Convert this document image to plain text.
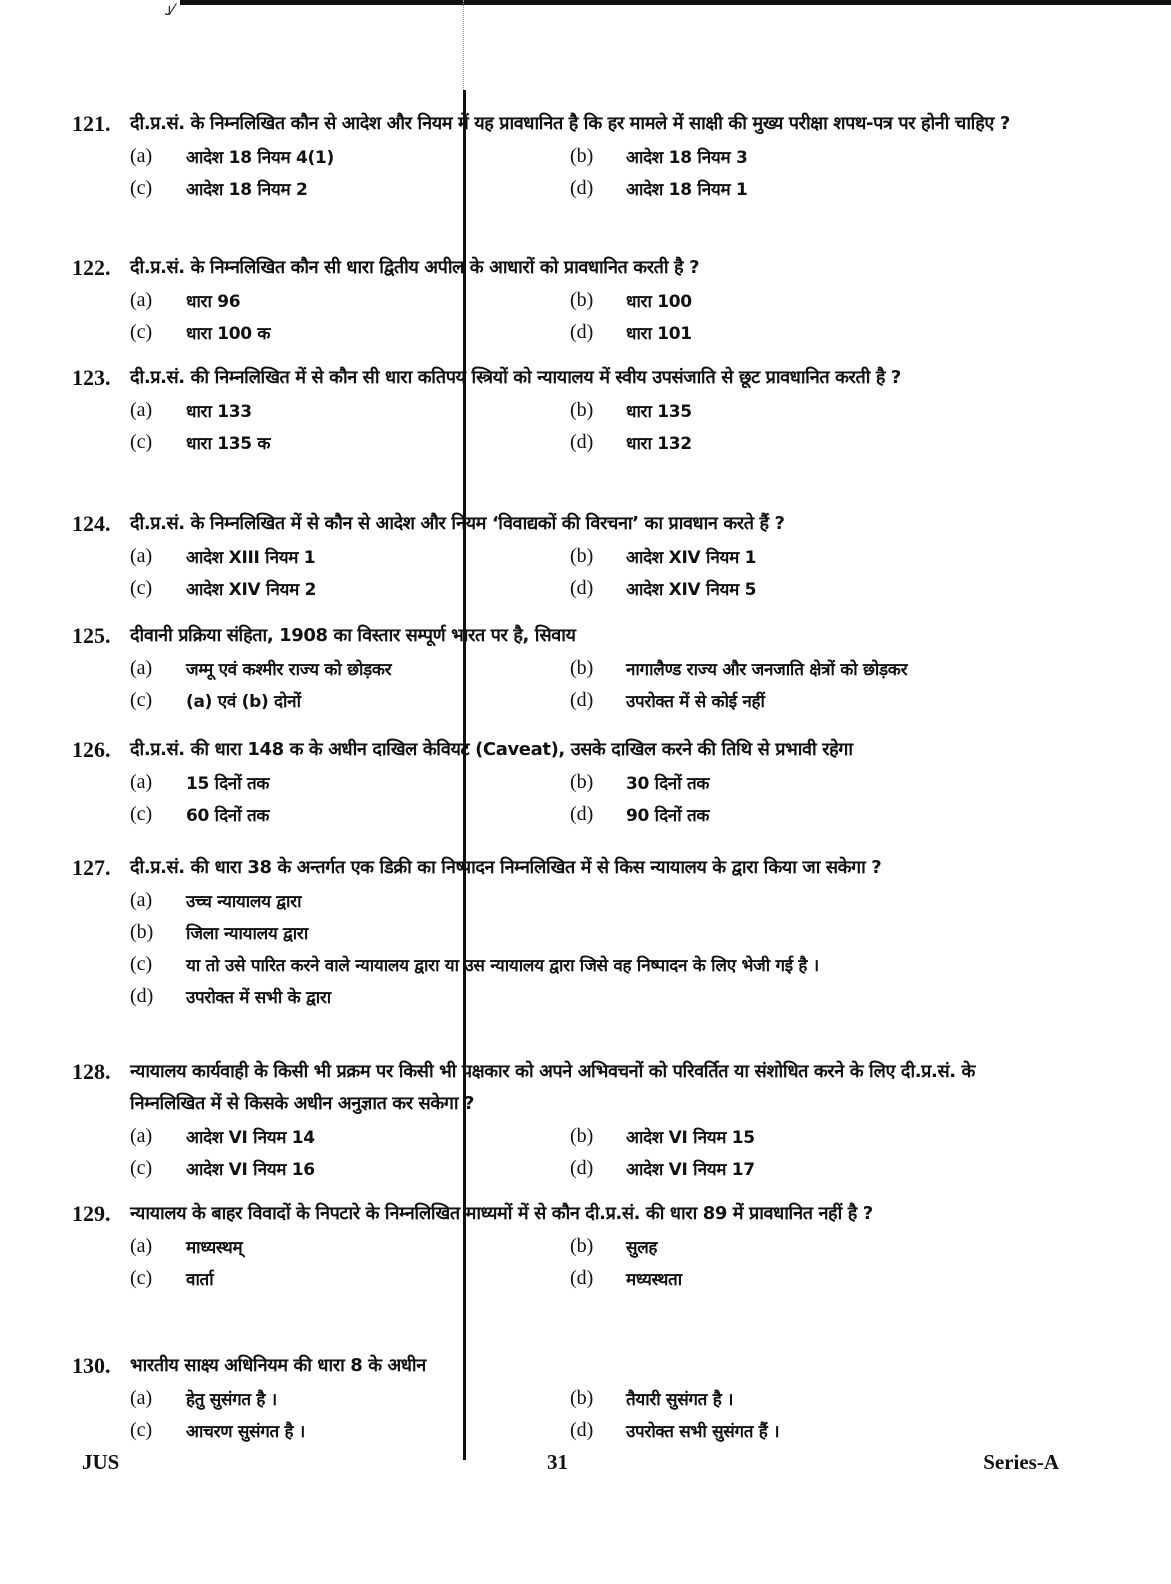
ᴊ⁄
121.	दी.प्र.सं. के निम्नलिखित कौन से आदेश और नियम में यह प्रावधानित है कि हर मामले में साक्षी की मुख्य परीक्षा शपथ-पत्र पर होनी चाहिए ?
(a)	आदेश 18 नियम 4(1)	(b)	आदेश 18 नियम 3
(c)	आदेश 18 नियम 2	(d)	आदेश 18 नियम 1
122.	दी.प्र.सं. के निम्नलिखित कौन सी धारा द्वितीय अपील के आधारों को प्रावधानित करती है ?
(a)	धारा 96	(b)	धारा 100
(c)	धारा 100 क	(d)	धारा 101
123.	दी.प्र.सं. की निम्नलिखित में से कौन सी धारा कतिपय स्त्रियों को न्यायालय में स्वीय उपसंजाति से छूट प्रावधानित करती है ?
(a)	धारा 133	(b)	धारा 135
(c)	धारा 135 क	(d)	धारा 132
124.	दी.प्र.सं. के निम्नलिखित में से कौन से आदेश और नियम ‘विवाद्यकों की विरचना’ का प्रावधान करते हैं ?
(a)	आदेश XIII नियम 1	(b)	आदेश XIV नियम 1
(c)	आदेश XIV नियम 2	(d)	आदेश XIV नियम 5
125.	दीवानी प्रक्रिया संहिता, 1908 का विस्तार सम्पूर्ण भारत पर है, सिवाय
(a)	जम्मू एवं कश्मीर राज्य को छोड़कर	(b)	नागालैण्ड राज्य और जनजाति क्षेत्रों को छोड़कर
(c)	(a) एवं (b) दोनों	(d)	उपरोक्त में से कोई नहीं
126.	दी.प्र.सं. की धारा 148 क के अधीन दाखिल केवियट (Caveat), उसके दाखिल करने की तिथि से प्रभावी रहेगा
(a)	15 दिनों तक	(b)	30 दिनों तक
(c)	60 दिनों तक	(d)	90 दिनों तक
127.	दी.प्र.सं. की धारा 38 के अन्तर्गत एक डिक्री का निष्पादन निम्नलिखित में से किस न्यायालय के द्वारा किया जा सकेगा ?
(a)	उच्च न्यायालय द्वारा
(b)	जिला न्यायालय द्वारा
(c)	या तो उसे पारित करने वाले न्यायालय द्वारा या उस न्यायालय द्वारा जिसे वह निष्पादन के लिए भेजी गई है ।
(d)	उपरोक्त में सभी के द्वारा
128.	न्यायालय कार्यवाही के किसी भी प्रक्रम पर किसी भी पक्षकार को अपने अभिवचनों को परिवर्तित या संशोधित करने के लिए दी.प्र.सं. के निम्नलिखित में से किसके अधीन अनुज्ञात कर सकेगा ?
(a)	आदेश VI नियम 14	(b)	आदेश VI नियम 15
(c)	आदेश VI नियम 16	(d)	आदेश VI नियम 17
129.	न्यायालय के बाहर विवादों के निपटारे के निम्नलिखित माध्यमों में से कौन दी.प्र.सं. की धारा 89 में प्रावधानित नहीं है ?
(a)	माध्यस्थम्	(b)	सुलह
(c)	वार्ता	(d)	मध्यस्थता
130.	भारतीय साक्ष्य अधिनियम की धारा 8 के अधीन
(a)	हेतु सुसंगत है ।	(b)	तैयारी सुसंगत है ।
(c)	आचरण सुसंगत है ।	(d)	उपरोक्त सभी सुसंगत हैं ।
JUS	31	Series-A
